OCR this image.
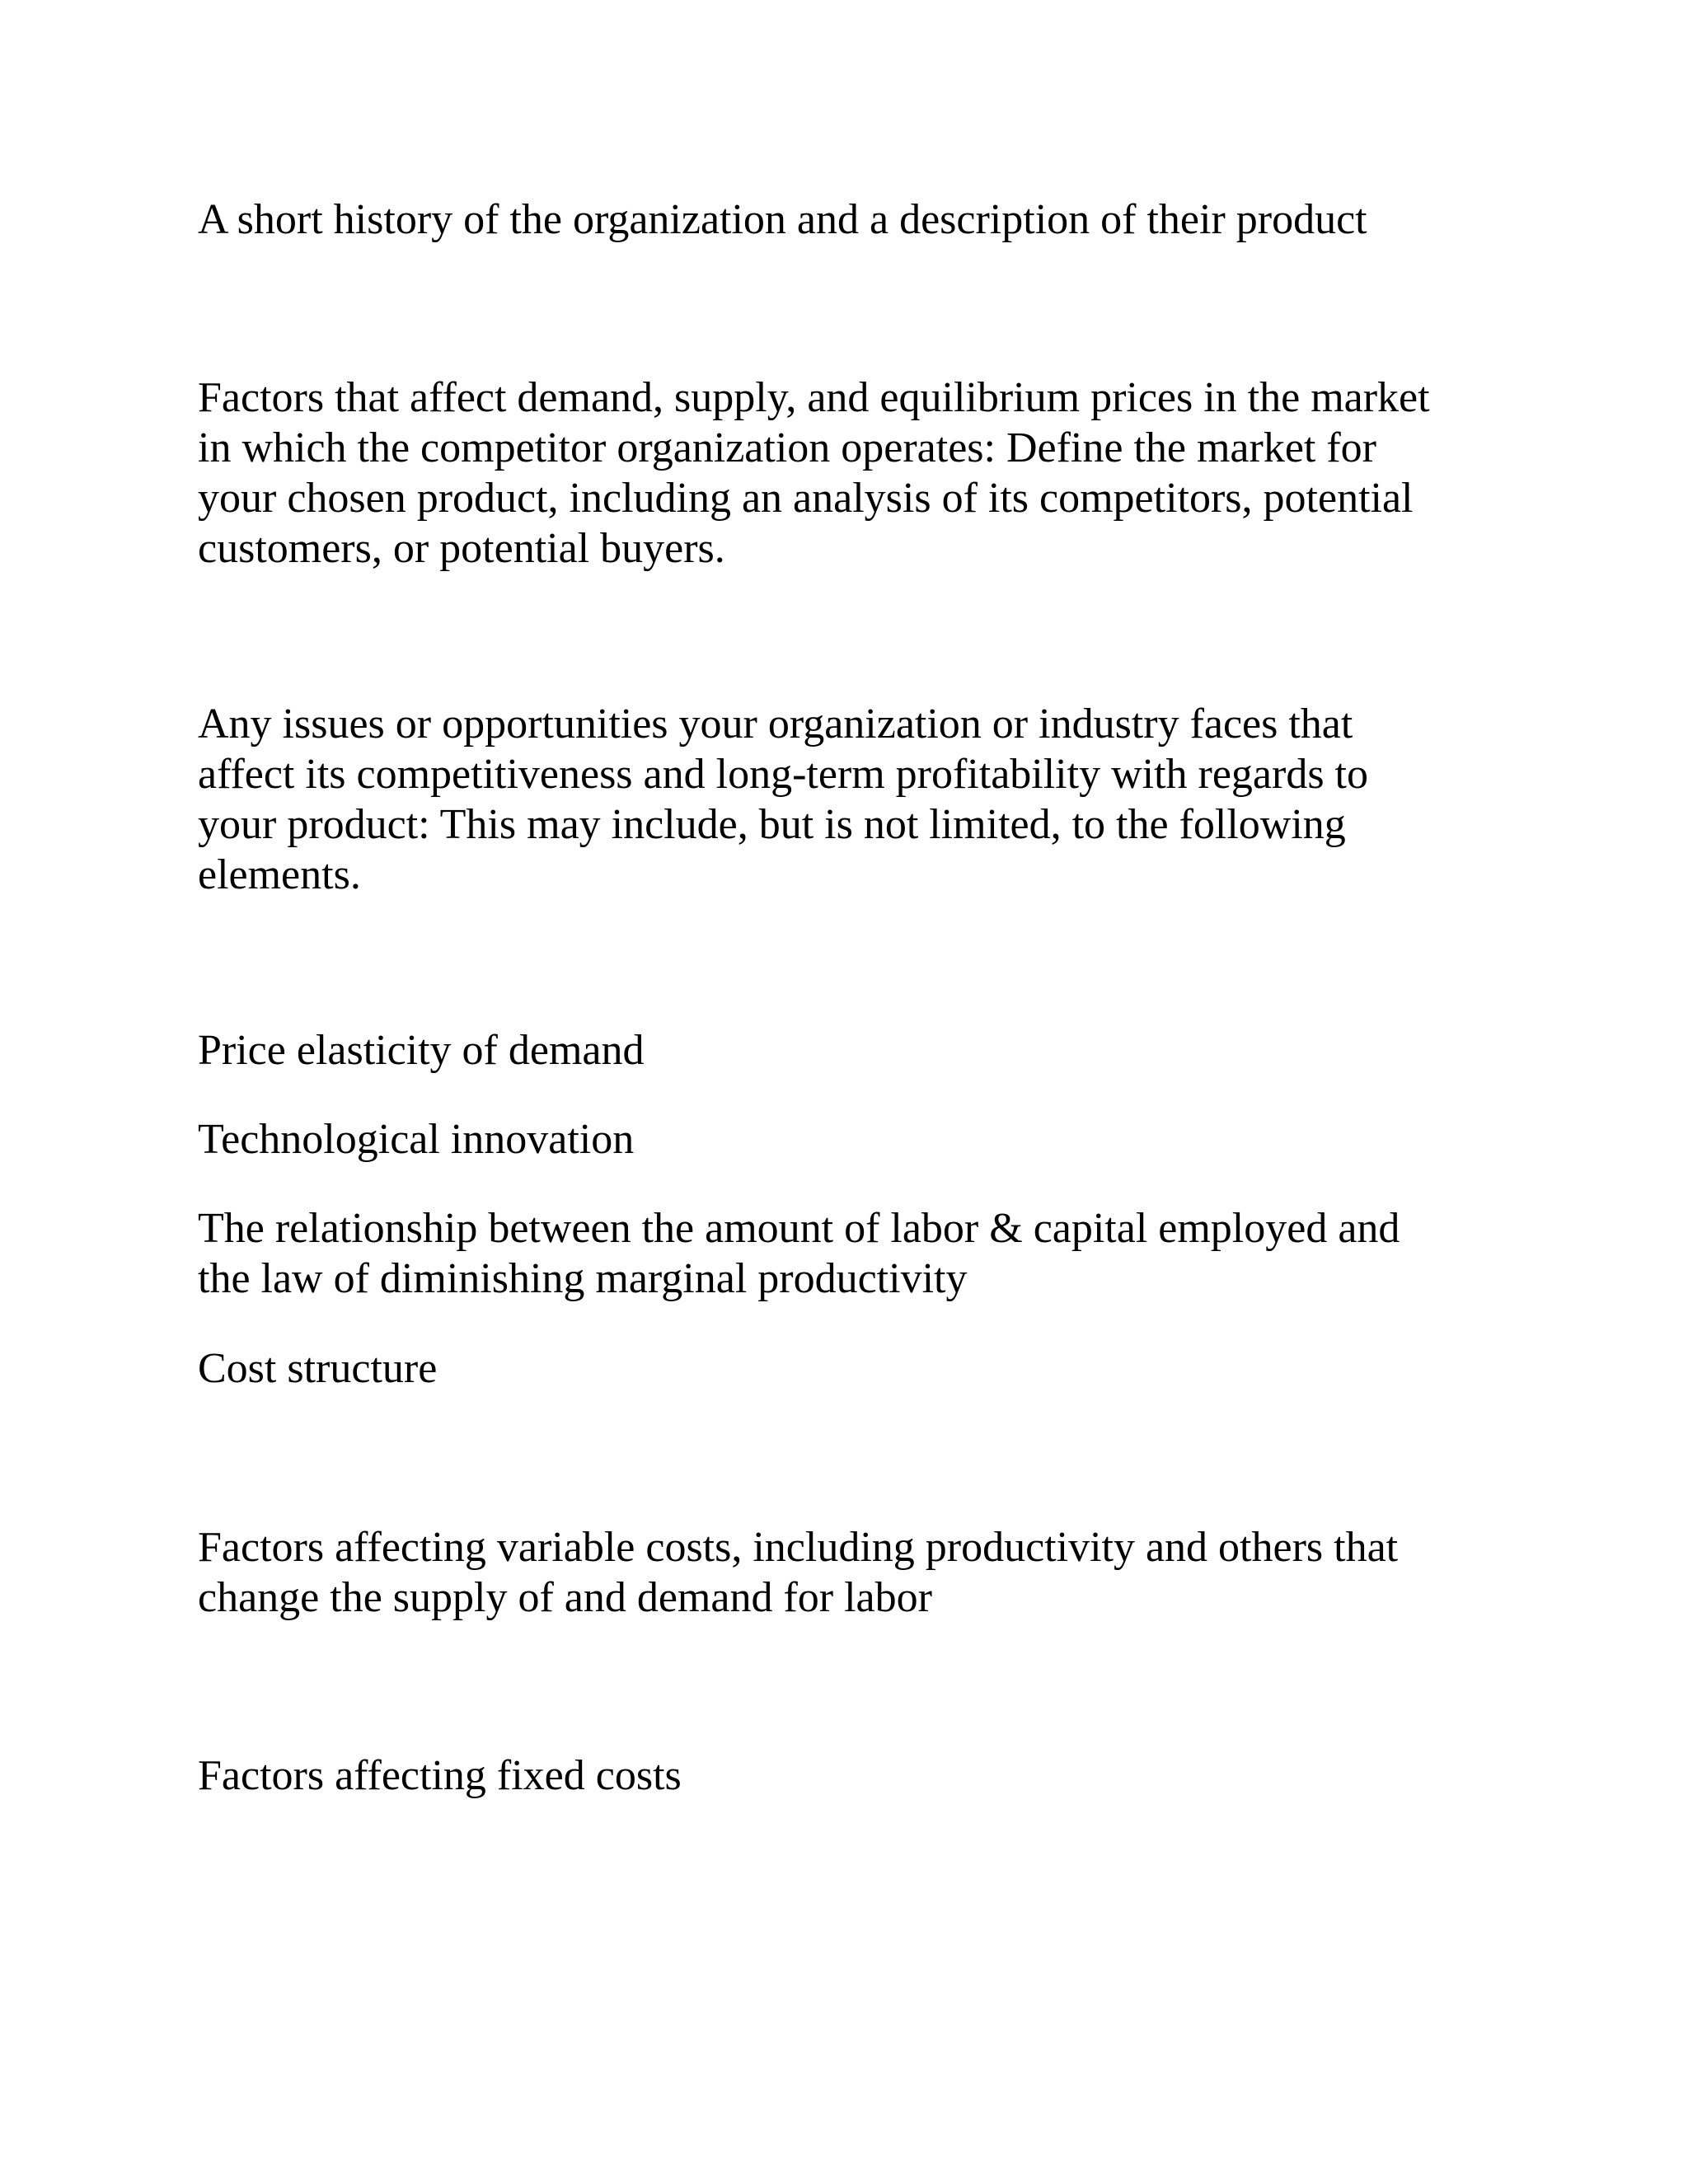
A short history of the organization and a description of their product

Factors that affect demand, supply, and equilibrium prices in the market
in which the competitor organization operates: Define the market for
your chosen product, including an analysis of its competitors, potential
customers, or potential buyers.

Any issues or opportunities your organization or industry faces that
affect its competitiveness and long-term profitability with regards to
your product: This may include, but is not limited, to the following
elements.

Price elasticity of demand

Technological innovation

The relationship between the amount of labor & capital employed and
the law of diminishing marginal productivity

Cost structure

Factors affecting variable costs, including productivity and others that
change the supply of and demand for labor

Factors affecting fixed costs
